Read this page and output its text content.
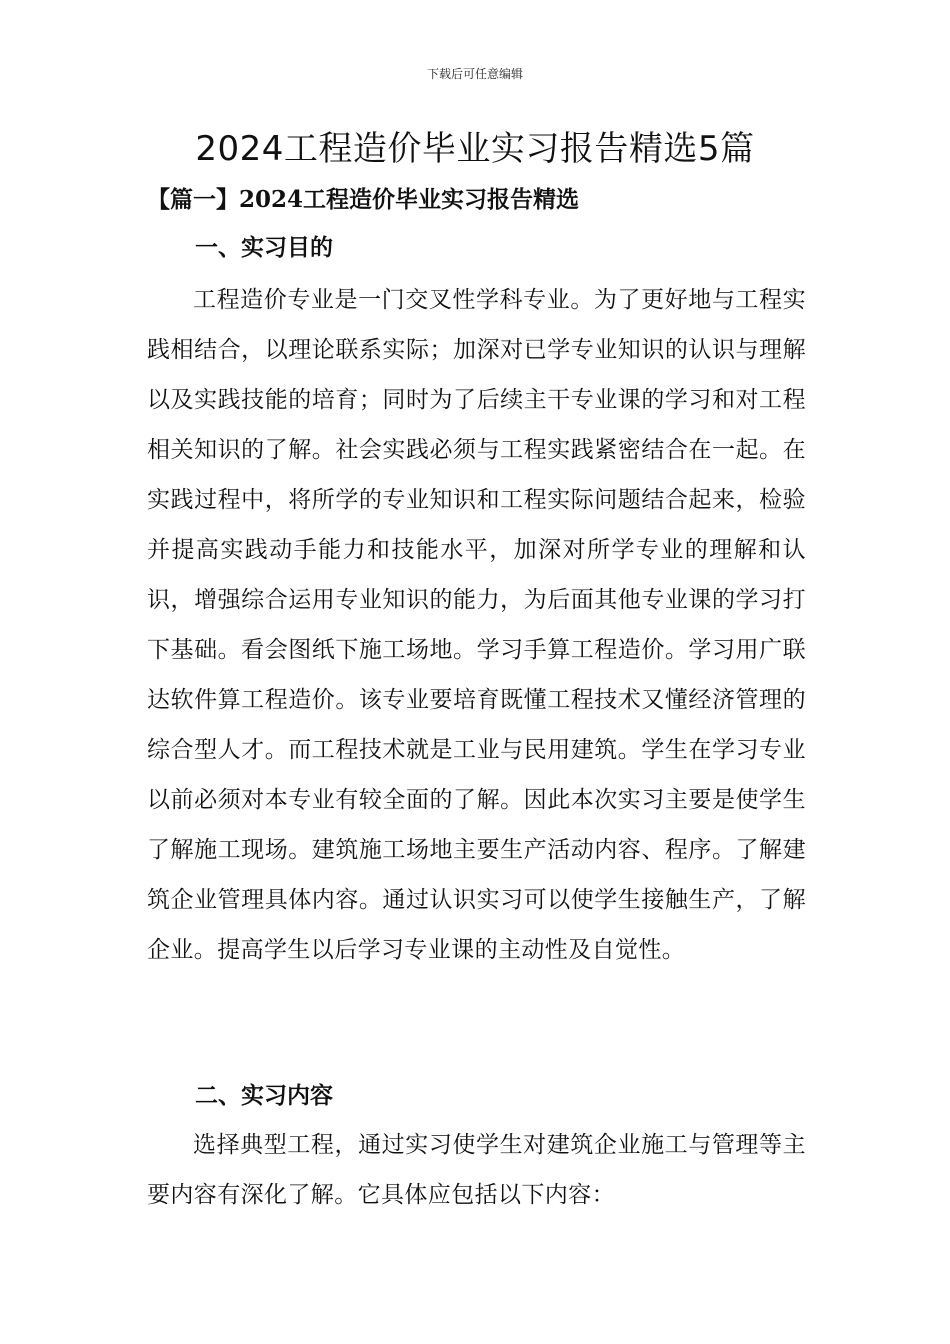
下载后可任意编辑
2024工程造价毕业实习报告精选5篇
【篇一】2024工程造价毕业实习报告精选
一、实习目的

工程造价专业是一门交叉性学科专业。为了更好地与工程实践相结合，以理论联系实际；加深对已学专业知识的认识与理解以及实践技能的培育；同时为了后续主干专业课的学习和对工程相关知识的了解。社会实践必须与工程实践紧密结合在一起。在实践过程中，将所学的专业知识和工程实际问题结合起来，检验并提高实践动手能力和技能水平，加深对所学专业的理解和认识，增强综合运用专业知识的能力，为后面其他专业课的学习打下基础。看会图纸下施工场地。学习手算工程造价。学习用广联达软件算工程造价。该专业要培育既懂工程技术又懂经济管理的综合型人才。而工程技术就是工业与民用建筑。学生在学习专业以前必须对本专业有较全面的了解。因此本次实习主要是使学生了解施工现场。建筑施工场地主要生产活动内容、程序。了解建筑企业管理具体内容。通过认识实习可以使学生接触生产，了解企业。提高学生以后学习专业课的主动性及自觉性。

二、实习内容

选择典型工程，通过实习使学生对建筑企业施工与管理等主要内容有深化了解。它具体应包括以下内容：
